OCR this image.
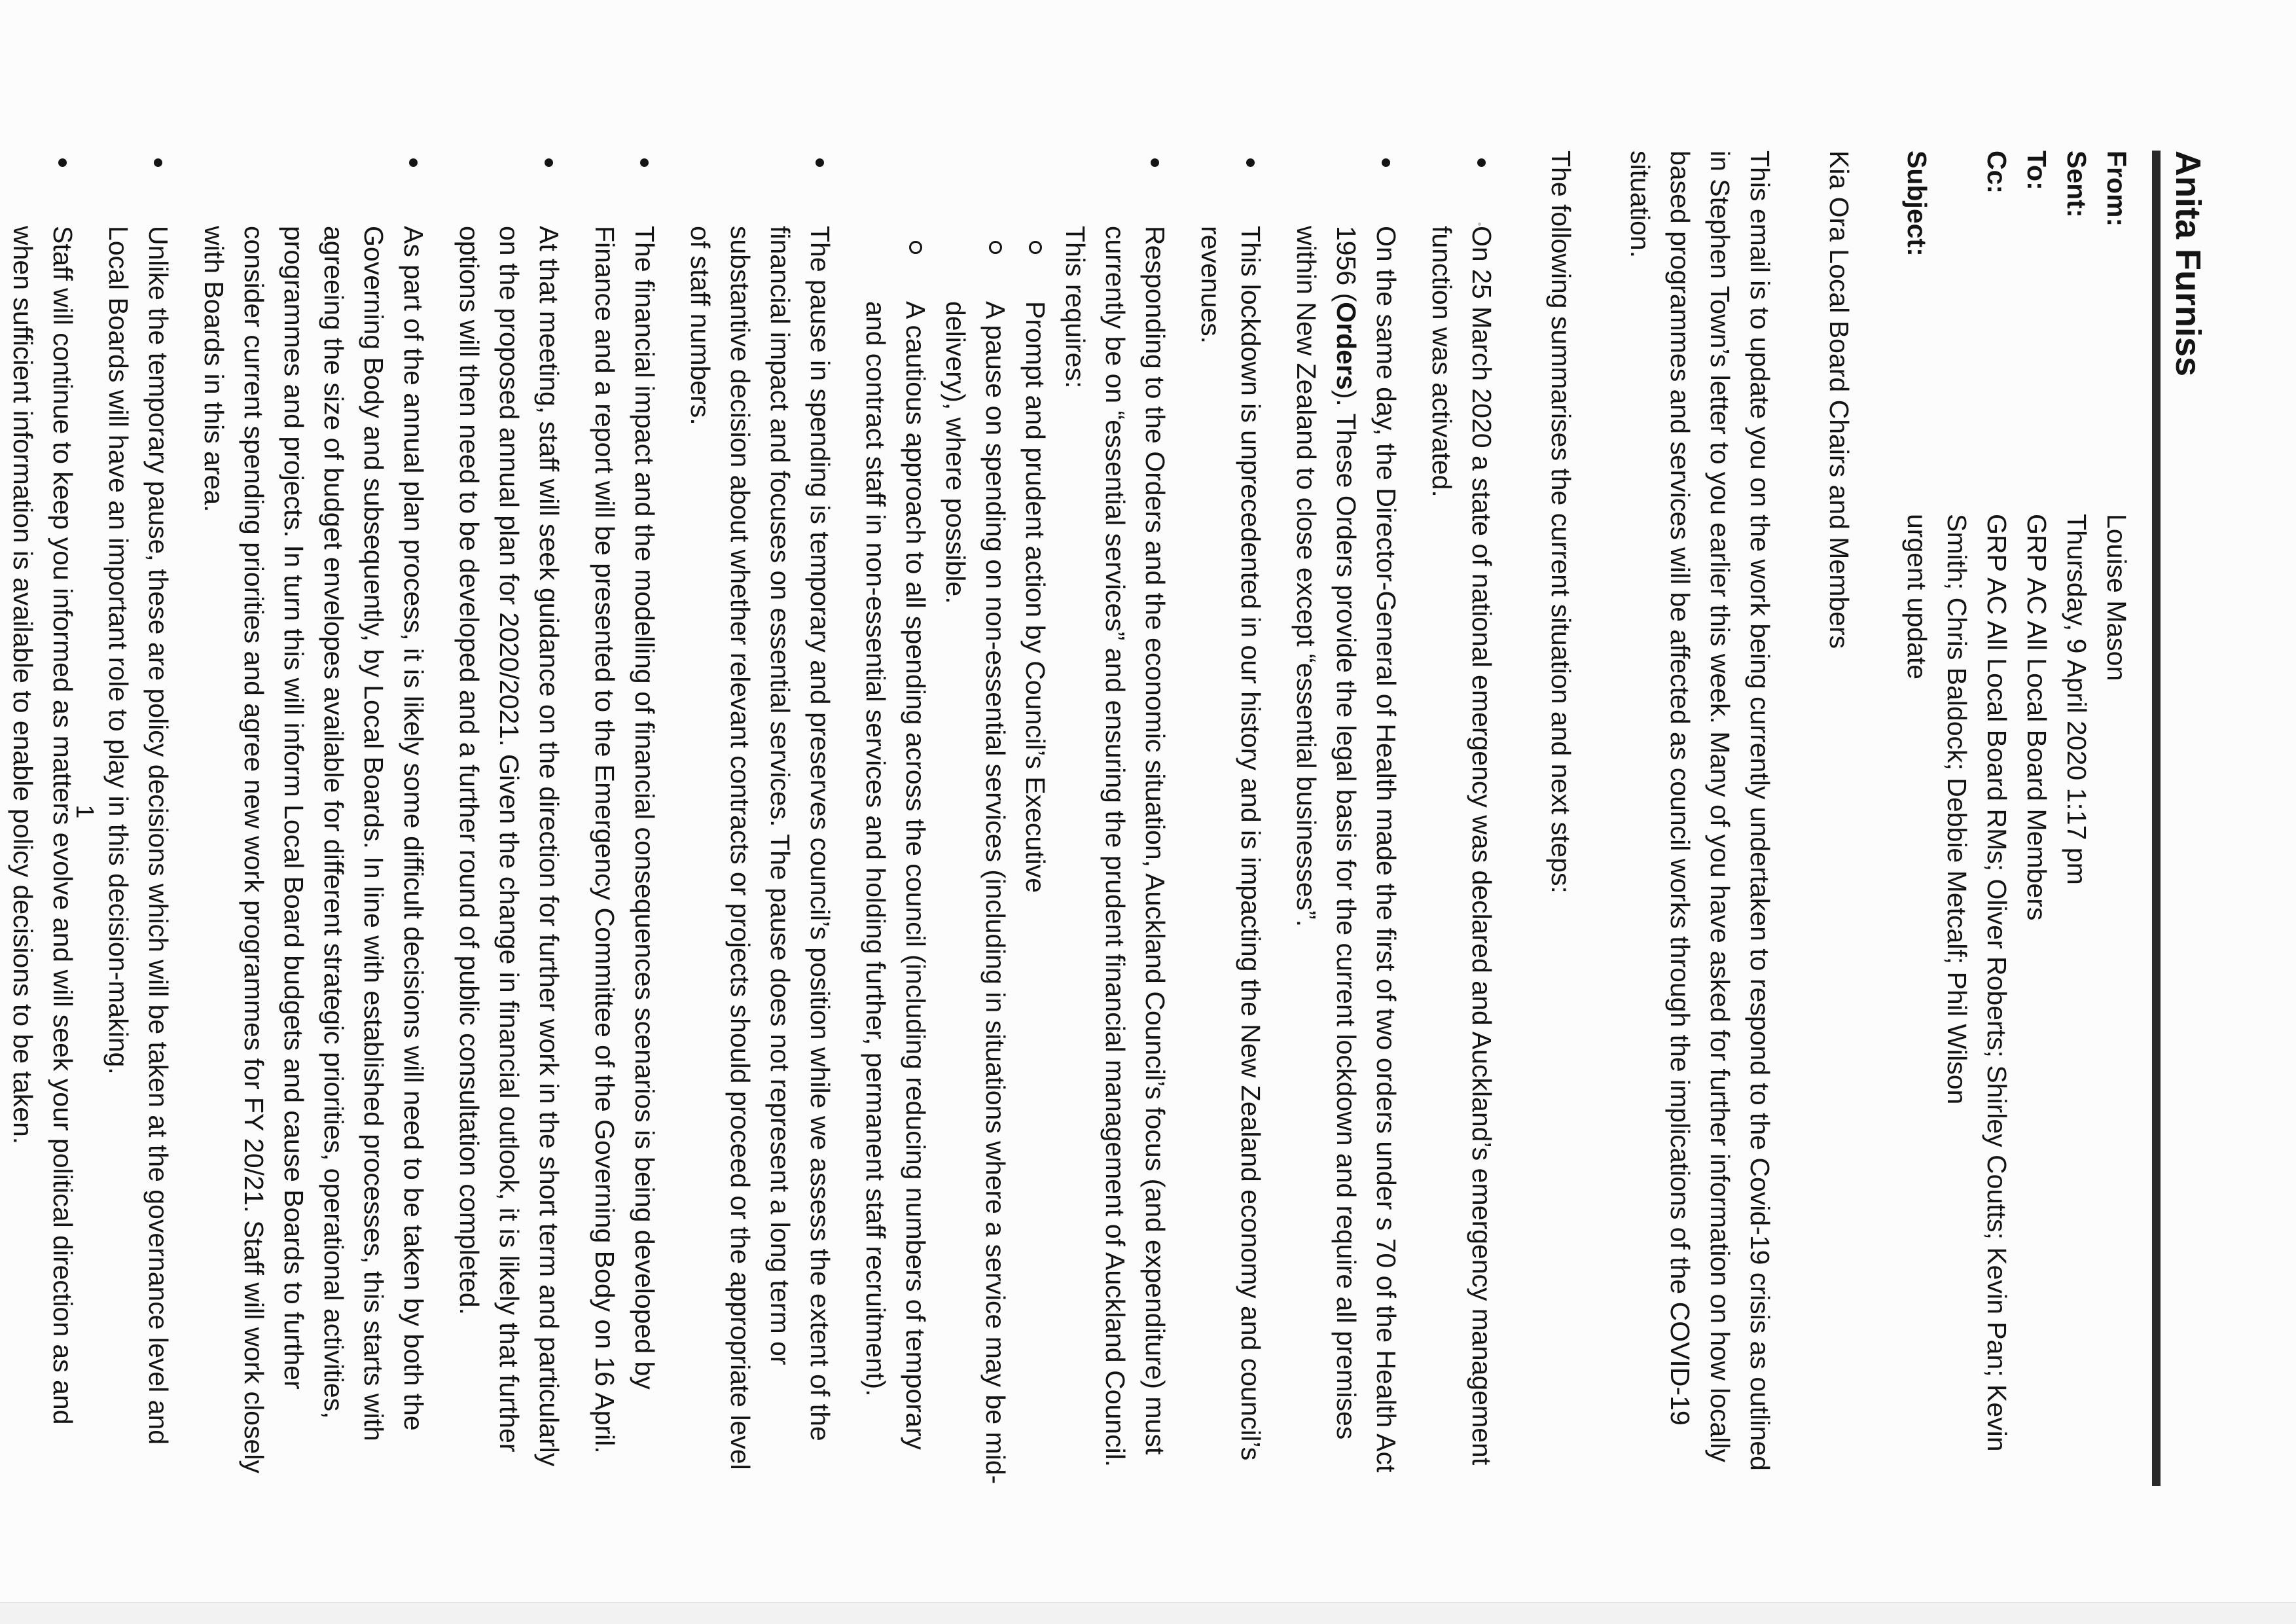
Anita Furniss
From:
Louise Mason
Sent:
Thursday, 9 April 2020 1:17 pm
To:
GRP AC All Local Board Members
Cc:
GRP AC All Local Board RMs; Oliver Roberts; Shirley Coutts; Kevin Pan; Kevin Smith; Chris Baldock; Debbie Metcalf; Phil Wilson
Subject:
urgent update

Kia Ora Local Board Chairs and Members

This email is to update you on the work being currently undertaken to respond to the Covid-19 crisis as outlined in Stephen Town’s letter to you earlier this week. Many of you have asked for further information on how locally based programmes and services will be affected as council works through the implications of the COVID-19 situation.

The following summarises the current situation and next steps:

On 25 March 2020 a state of national emergency was declared and Auckland’s emergency management function was activated.
On the same day, the Director-General of Health made the first of two orders under s 70 of the Health Act 1956 (Orders). These Orders provide the legal basis for the current lockdown and require all premises within New Zealand to close except “essential businesses”.
This lockdown is unprecedented in our history and is impacting the New Zealand economy and council’s revenues.
Responding to the Orders and the economic situation, Auckland Council’s focus (and expenditure) must currently be on “essential services” and ensuring the prudent financial management of Auckland Council. This requires:
Prompt and prudent action by Council’s Executive
A pause on spending on non-essential services (including in situations where a service may be mid-delivery), where possible.
A cautious approach to all spending across the council (including reducing numbers of temporary and contract staff in non-essential services and holding further, permanent staff recruitment).
The pause in spending is temporary and preserves council’s position while we assess the extent of the financial impact and focuses on essential services. The pause does not represent a long term or substantive decision about whether relevant contracts or projects should proceed or the appropriate level of staff numbers.
The financial impact and the modelling of financial consequences scenarios is being developed by Finance and a report will be presented to the Emergency Committee of the Governing Body on 16 April.
At that meeting, staff will seek guidance on the direction for further work in the short term and particularly on the proposed annual plan for 2020/2021. Given the change in financial outlook, it is likely that further options will then need to be developed and a further round of public consultation completed.
As part of the annual plan process, it is likely some difficult decisions will need to be taken by both the Governing Body and subsequently, by Local Boards. In line with established processes, this starts with agreeing the size of budget envelopes available for different strategic priorities, operational activities, programmes and projects. In turn this will inform Local Board budgets and cause Boards to further consider current spending priorities and agree new work programmes for FY 20/21. Staff will work closely with Boards in this area.
Unlike the temporary pause, these are policy decisions which will be taken at the governance level and Local Boards will have an important role to play in this decision-making.
Staff will continue to keep you informed as matters evolve and will seek your political direction as and when sufficient information is available to enable policy decisions to be taken.	1
